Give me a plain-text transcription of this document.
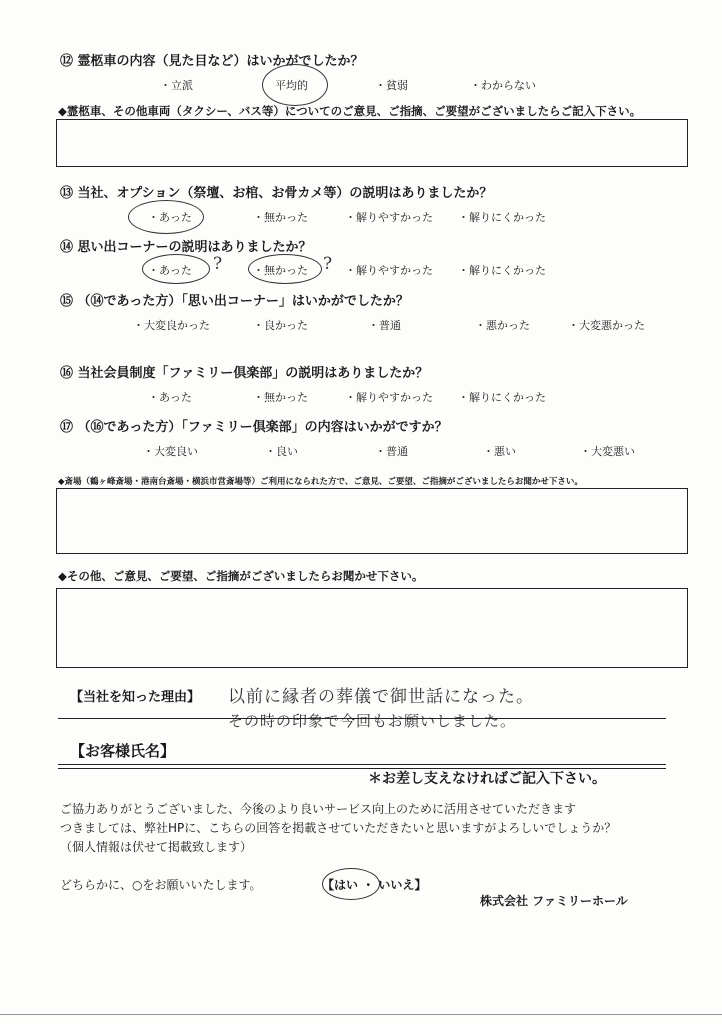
⑫ 霊柩車の内容（見た目など）はいかがでしたか？
・立派	平均的	・貧弱	・わからない
◆霊柩車、その他車両（タクシー、バス等）についてのご意見、ご指摘、ご要望がございましたらご記入下さい。
⑬ 当社、オプション（祭壇、お棺、お骨カメ等）の説明はありましたか？
・あった	・無かった	・解りやすかった ・解りにくかった
⑭ 思い出コーナーの説明はありましたか？
・あった ?	・無かった ? ・解りやすかった ・解りにくかった
⑮ （⑭であった方）「思い出コーナー」はいかがでしたか？
・大変良かった	・良かった	・普通	・悪かった	・大変悪かった
⑯ 当社会員制度「ファミリー倶楽部」の説明はありましたか？
・あった	・無かった	・解りやすかった ・解りにくかった
⑰ （⑯であった方）「ファミリー倶楽部」の内容はいかがですか？
・大変良い	・良い	・普通	・悪い	・大変悪い
◆斎場（鶴ヶ峰斎場・港南台斎場・横浜市営斎場等）ご利用になられた方で、ご意見、ご要望、ご指摘がございましたらお聞かせ下さい。
◆その他、ご意見、ご要望、ご指摘がございましたらお聞かせ下さい。
【当社を知った理由】 以前に縁者の葬儀で御世話になった。
その時の印象で今回もお願いしました。
【お客様氏名】
＊お差し支えなければご記入下さい。
ご協力ありがとうございました、今後のより良いサービス向上のために活用させていただきます
つきましては、弊社HPに、こちらの回答を掲載させていただきたいと思いますがよろしいでしょうか？
（個人情報は伏せて掲載致します）
どちらかに、○をお願いいたします。	【はい ・ いいえ】
株式会社 ファミリーホール
